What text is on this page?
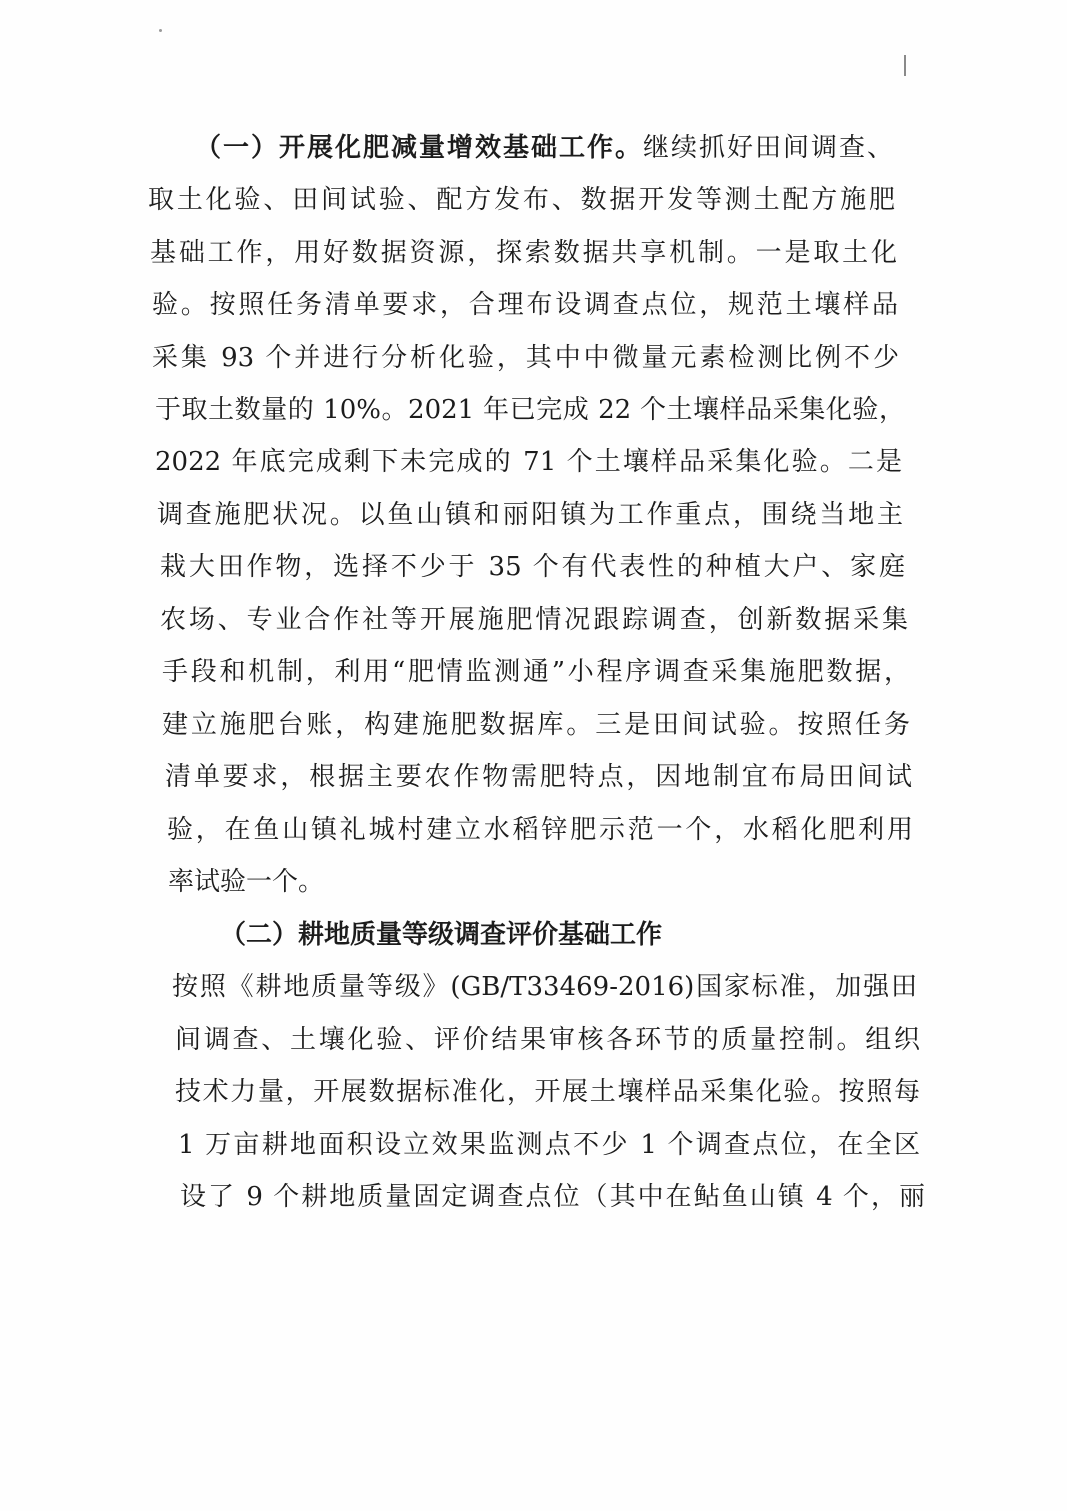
（一）开展化肥减量增效基础工作。继续抓好田间调查、
取土化验、田间试验、配方发布、数据开发等测土配方施肥
基础工作，用好数据资源，探索数据共享机制。一是取土化
验。按照任务清单要求，合理布设调查点位，规范土壤样品
采集 93 个并进行分析化验，其中中微量元素检测比例不少
于取土数量的 10%。2021 年已完成 22 个土壤样品采集化验，
2022 年底完成剩下未完成的 71 个土壤样品采集化验。二是
调查施肥状况。以鱼山镇和丽阳镇为工作重点，围绕当地主
栽大田作物，选择不少于 35 个有代表性的种植大户、家庭
农场、专业合作社等开展施肥情况跟踪调查，创新数据采集
手段和机制，利用“肥情监测通”小程序调查采集施肥数据，
建立施肥台账，构建施肥数据库。三是田间试验。按照任务
清单要求，根据主要农作物需肥特点，因地制宜布局田间试
验，在鱼山镇礼城村建立水稻锌肥示范一个，水稻化肥利用
率试验一个。
（二）耕地质量等级调查评价基础工作
按照《耕地质量等级》(GB/T33469-2016)国家标准，加强田
间调查、土壤化验、评价结果审核各环节的质量控制。组织
技术力量，开展数据标准化，开展土壤样品采集化验。按照每
1 万亩耕地面积设立效果监测点不少 1 个调查点位，在全区
设了 9 个耕地质量固定调查点位（其中在鲇鱼山镇 4 个，丽
